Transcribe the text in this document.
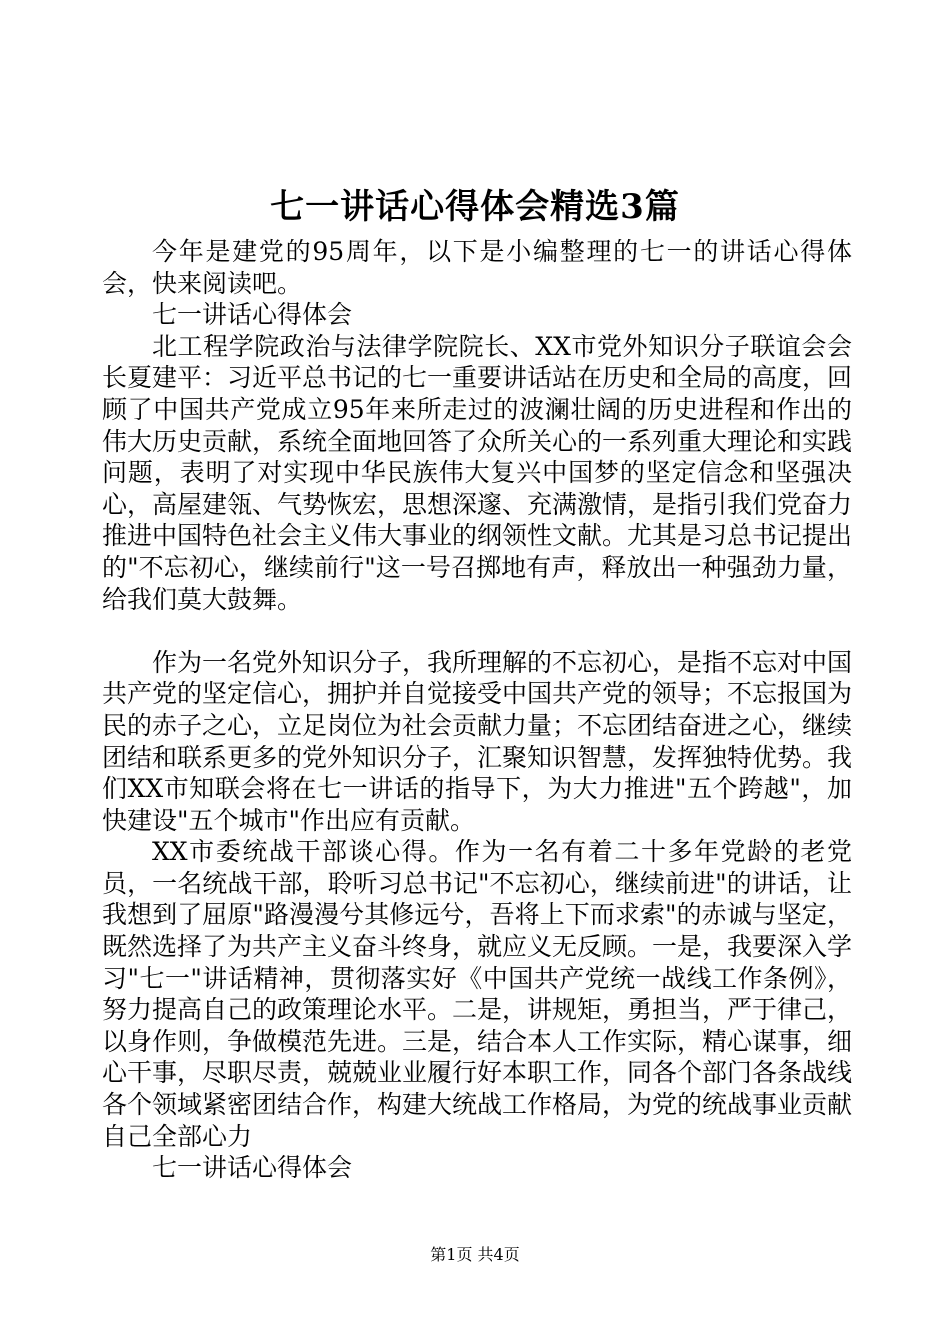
七一讲话心得体会精选3篇

今年是建党的95周年，以下是小编整理的七一的讲话心得体会，快来阅读吧。

七一讲话心得体会

北工程学院政治与法律学院院长、XX市党外知识分子联谊会会长夏建平：习近平总书记的七一重要讲话站在历史和全局的高度，回顾了中国共产党成立95年来所走过的波澜壮阔的历史进程和作出的伟大历史贡献，系统全面地回答了众所关心的一系列重大理论和实践问题，表明了对实现中华民族伟大复兴中国梦的坚定信念和坚强决心，高屋建瓴、气势恢宏，思想深邃、充满激情，是指引我们党奋力推进中国特色社会主义伟大事业的纲领性文献。尤其是习总书记提出的"不忘初心，继续前行"这一号召掷地有声，释放出一种强劲力量，给我们莫大鼓舞。

作为一名党外知识分子，我所理解的不忘初心，是指不忘对中国共产党的坚定信心，拥护并自觉接受中国共产党的领导；不忘报国为民的赤子之心，立足岗位为社会贡献力量；不忘团结奋进之心，继续团结和联系更多的党外知识分子，汇聚知识智慧，发挥独特优势。我们XX市知联会将在七一讲话的指导下，为大力推进"五个跨越"，加快建设"五个城市"作出应有贡献。

XX市委统战干部谈心得。作为一名有着二十多年党龄的老党员，一名统战干部，聆听习总书记"不忘初心，继续前进"的讲话，让我想到了屈原"路漫漫兮其修远兮，吾将上下而求索"的赤诚与坚定，既然选择了为共产主义奋斗终身，就应义无反顾。一是，我要深入学习"七一"讲话精神，贯彻落实好《中国共产党统一战线工作条例》，努力提高自己的政策理论水平。二是，讲规矩，勇担当，严于律己，以身作则，争做模范先进。三是，结合本人工作实际，精心谋事，细心干事，尽职尽责，兢兢业业履行好本职工作，同各个部门各条战线各个领域紧密团结合作，构建大统战工作格局，为党的统战事业贡献自己全部心力

七一讲话心得体会

第1页 共4页
